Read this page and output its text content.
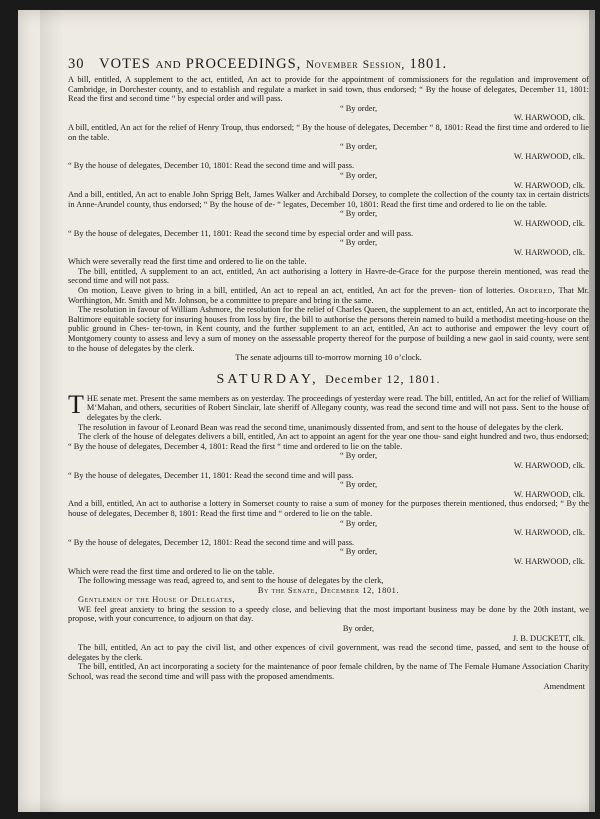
30 VOTES AND PROCEEDINGS, November Session, 1801.

A bill, entitled, A supplement to the act, entitled, An act to provide for the appointment of commissioners for the regulation and improvement of Cambridge, in Dorchester county, and to establish and regulate a market in said town, thus endorsed; “ By the house of delegates, December 11, 1801: Read the first and second time “ by especial order and will pass.

“ By order,

W. HARWOOD, clk.

A bill, entitled, An act for the relief of Henry Troup, thus endorsed; “ By the house of delegates, December “ 8, 1801: Read the first time and ordered to lie on the table.

“ By order,

W. HARWOOD, clk.

“ By the house of delegates, December 10, 1801: Read the second time and will pass.

“ By order,

W. HARWOOD, clk.

And a bill, entitled, An act to enable John Sprigg Belt, James Walker and Archibald Dorsey, to complete the collection of the county tax in certain districts in Anne-Arundel county, thus endorsed; “ By the house of de- “ legates, December 10, 1801: Read the first time and ordered to lie on the table.

“ By order,

W. HARWOOD, clk.

“ By the house of delegates, December 11, 1801: Read the second time by especial order and will pass.

“ By order,

W. HARWOOD, clk.

Which were severally read the first time and ordered to lie on the table.

The bill, entitled, A supplement to an act, entitled, An act authorising a lottery in Havre-de-Grace for the purpose therein mentioned, was read the second time and will not pass.

On motion, Leave given to bring in a bill, entitled, An act to repeal an act, entitled, An act for the preven- tion of lotteries. Ordered, That Mr. Worthington, Mr. Smith and Mr. Johnson, be a committee to prepare and bring in the same.

The resolution in favour of William Ashmore, the resolution for the relief of Charles Queen, the supplement to an act, entitled, An act to incorporate the Baltimore equitable society for insuring houses from loss by fire, the bill to authorise the persons therein named to build a methodist meeting-house on the public ground in Ches- ter-town, in Kent county, and the further supplement to an act, entitled, An act to authorise and empower the levy court of Montgomery county to assess and levy a sum of money on the assessable property thereof for the purpose of building a new gaol in said county, were sent to the house of delegates by the clerk.

The senate adjourns till to-morrow morning 10 o’clock.

SATURDAY, December 12, 1801.

THE senate met. Present the same members as on yesterday. The proceedings of yesterday were read. The bill, entitled, An act for the relief of William M‘Mahan, and others, securities of Robert Sinclair, late sheriff of Allegany county, was read the second time and will not pass. Sent to the house of delegates by the clerk.

The resolution in favour of Leonard Bean was read the second time, unanimously dissented from, and sent to the house of delegates by the clerk.

The clerk of the house of delegates delivers a bill, entitled, An act to appoint an agent for the year one thou- sand eight hundred and two, thus endorsed; “ By the house of delegates, December 4, 1801: Read the first “ time and ordered to lie on the table.

“ By order,

W. HARWOOD, clk.

“ By the house of delegates, December 11, 1801: Read the second time and will pass.

“ By order,

W. HARWOOD, clk.

And a bill, entitled, An act to authorise a lottery in Somerset county to raise a sum of money for the purposes therein mentioned, thus endorsed; “ By the house of delegates, December 8, 1801: Read the first time and “ ordered to lie on the table.

“ By order,

W. HARWOOD, clk.

“ By the house of delegates, December 12, 1801: Read the second time and will pass.

“ By order,

W. HARWOOD, clk.

Which were read the first time and ordered to lie on the table.

The following message was read, agreed to, and sent to the house of delegates by the clerk,

By the Senate, December 12, 1801.

Gentlemen of the House of Delegates,

WE feel great anxiety to bring the session to a speedy close, and believing that the most important business may be done by the 20th instant, we propose, with your concurrence, to adjourn on that day.

By order,

J. B. DUCKETT, clk.

The bill, entitled, An act to pay the civil list, and other expences of civil government, was read the second time, passed, and sent to the house of delegates by the clerk.

The bill, entitled, An act incorporating a society for the maintenance of poor female children, by the name of The Female Humane Association Charity School, was read the second time and will pass with the proposed amendments.

Amendment
